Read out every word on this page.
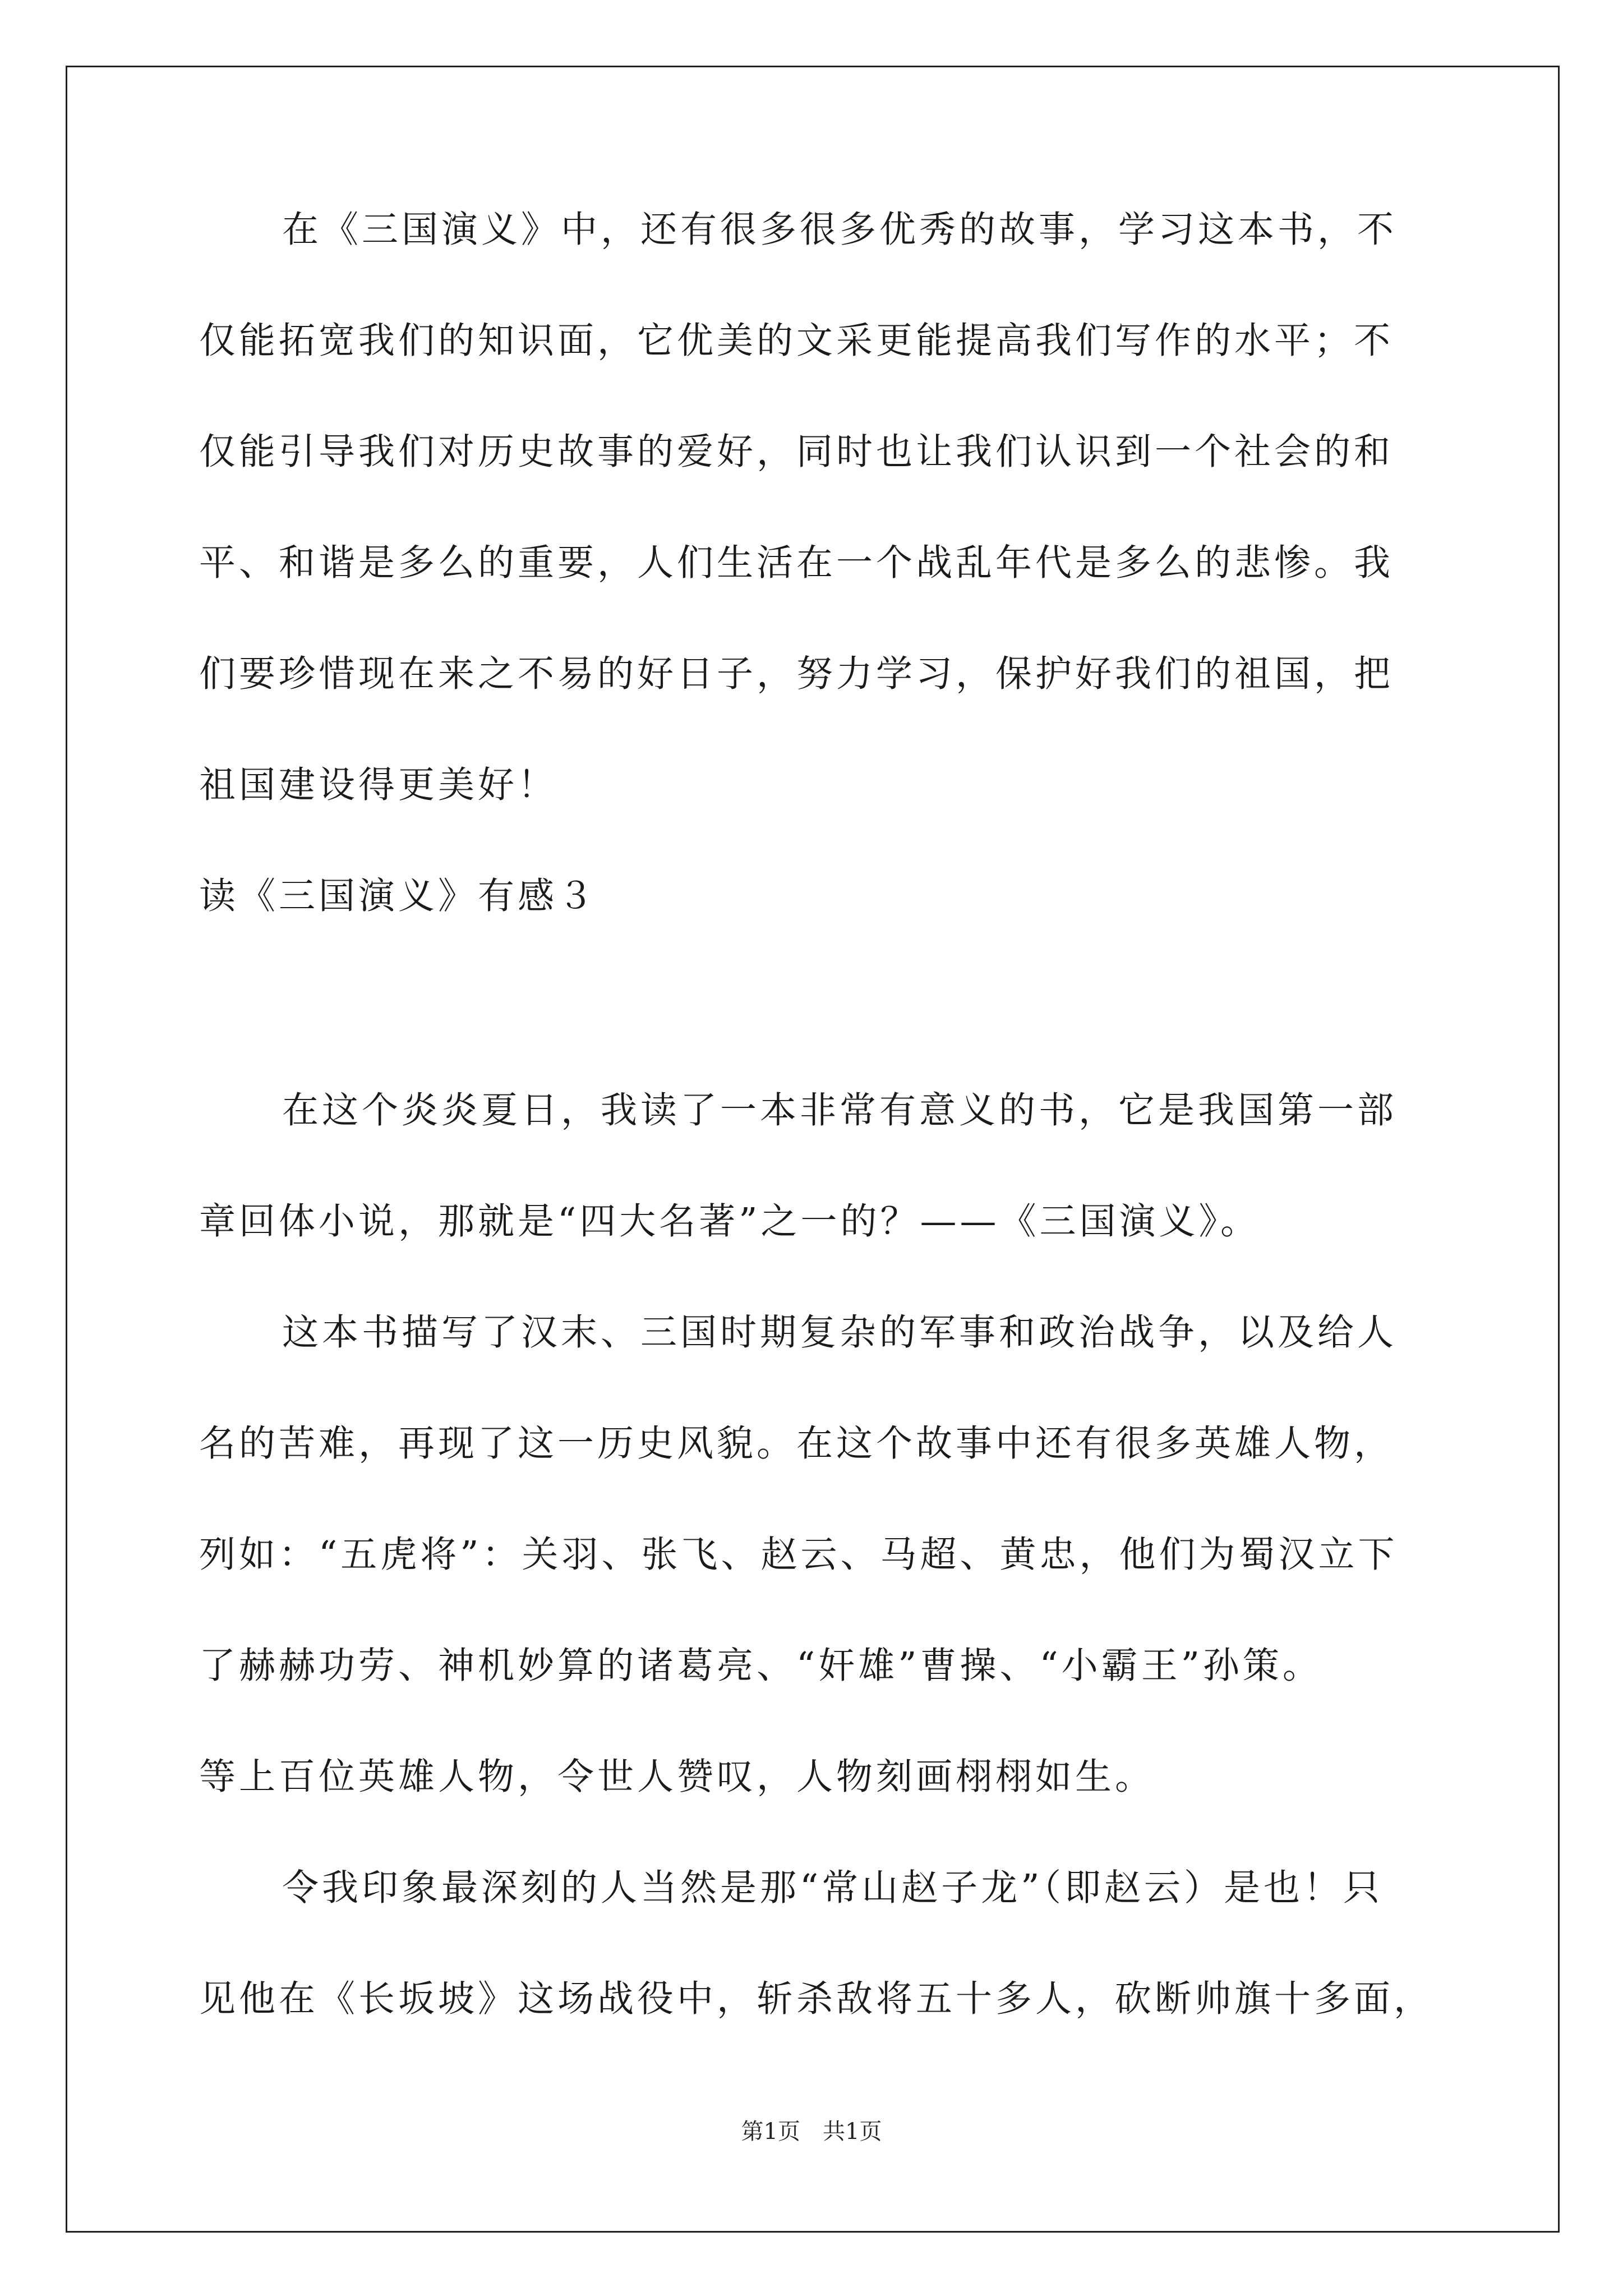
在《三国演义》中，还有很多很多优秀的故事，学习这本书，不
仅能拓宽我们的知识面，它优美的文采更能提高我们写作的水平；不
仅能引导我们对历史故事的爱好，同时也让我们认识到一个社会的和
平、和谐是多么的重要，人们生活在一个战乱年代是多么的悲惨。我
们要珍惜现在来之不易的好日子，努力学习，保护好我们的祖国，把
祖国建设得更美好！
读《三国演义》有感３
在这个炎炎夏日，我读了一本非常有意义的书，它是我国第一部
章回体小说，那就是“四大名著”之一的？——《三国演义》。
这本书描写了汉末、三国时期复杂的军事和政治战争，以及给人
名的苦难，再现了这一历史风貌。在这个故事中还有很多英雄人物，
列如：“五虎将”：关羽、张飞、赵云、马超、黄忠，他们为蜀汉立下
了赫赫功劳、神机妙算的诸葛亮、“奸雄”曹操、“小霸王”孙策。
等上百位英雄人物，令世人赞叹，人物刻画栩栩如生。
令我印象最深刻的人当然是那“常山赵子龙”（即赵云）是也！只
见他在《长坂坡》这场战役中，斩杀敌将五十多人，砍断帅旗十多面，
第1页　共1页
